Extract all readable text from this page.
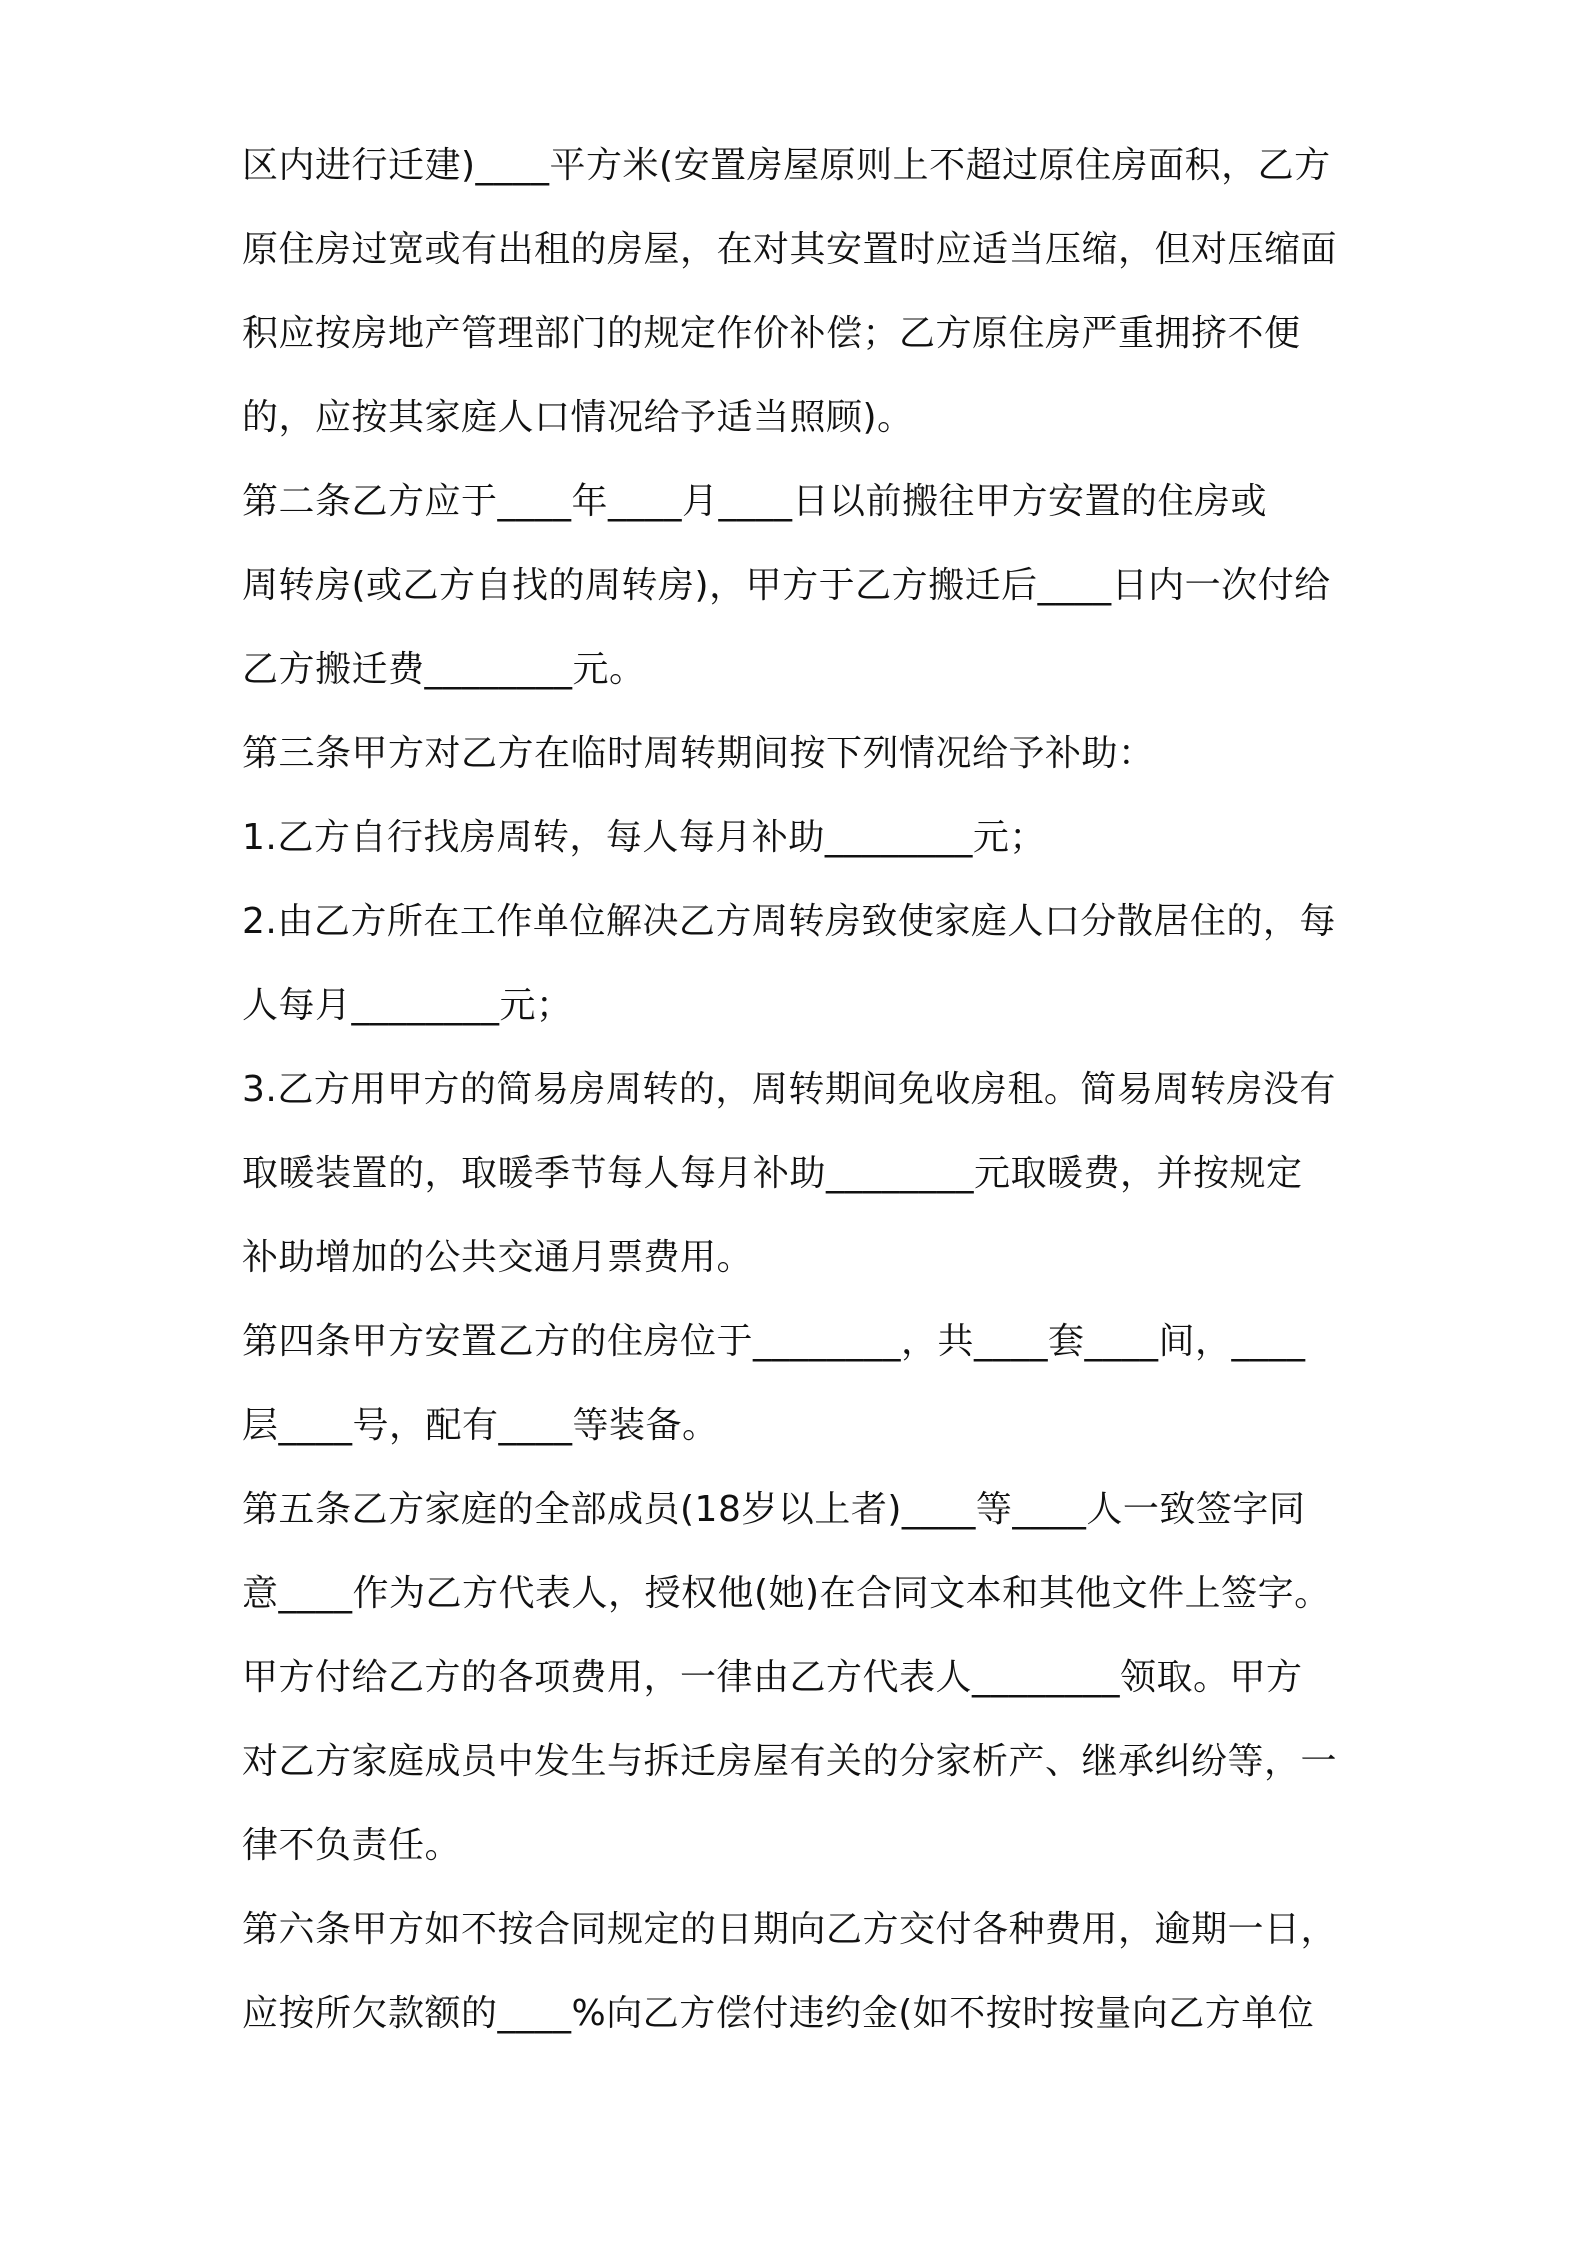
区内进行迁建)____平方米(安置房屋原则上不超过原住房面积，乙方
原住房过宽或有出租的房屋，在对其安置时应适当压缩，但对压缩面
积应按房地产管理部门的规定作价补偿；乙方原住房严重拥挤不便
的，应按其家庭人口情况给予适当照顾)。
第二条乙方应于____年____月____日以前搬往甲方安置的住房或
周转房(或乙方自找的周转房)，甲方于乙方搬迁后____日内一次付给
乙方搬迁费________元。
第三条甲方对乙方在临时周转期间按下列情况给予补助：
1.乙方自行找房周转，每人每月补助________元；
2.由乙方所在工作单位解决乙方周转房致使家庭人口分散居住的，每
人每月________元；
3.乙方用甲方的简易房周转的，周转期间免收房租。简易周转房没有
取暖装置的，取暖季节每人每月补助________元取暖费，并按规定
补助增加的公共交通月票费用。
第四条甲方安置乙方的住房位于________，共____套____间，____
层____号，配有____等装备。
第五条乙方家庭的全部成员(18岁以上者)____等____人一致签字同
意____作为乙方代表人，授权他(她)在合同文本和其他文件上签字。
甲方付给乙方的各项费用，一律由乙方代表人________领取。甲方
对乙方家庭成员中发生与拆迁房屋有关的分家析产、继承纠纷等，一
律不负责任。
第六条甲方如不按合同规定的日期向乙方交付各种费用，逾期一日，
应按所欠款额的____%向乙方偿付违约金(如不按时按量向乙方单位
